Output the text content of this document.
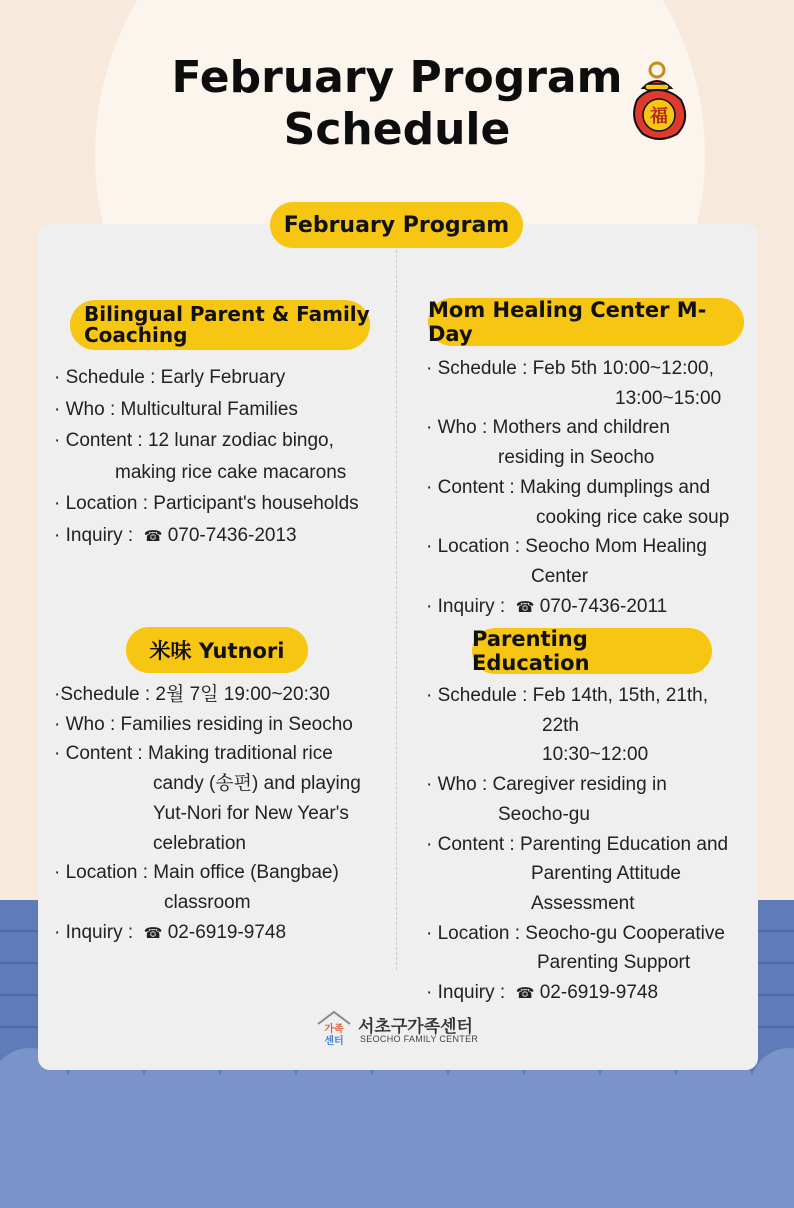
February Program
Schedule	福
February Program
Bilingual Parent & Family
Coaching
· Schedule : Early February
· Who : Multicultural Families
· Content : 12 lunar zodiac bingo,
making rice cake macarons
· Location : Participant's households
· Inquiry : ☎ 070-7436-2013
米味 Yutnori
·Schedule : 2월 7일 19:00~20:30
· Who : Families residing in Seocho
· Content : Making traditional rice
candy (송편) and playing
Yut-Nori for New Year's
celebration
· Location : Main office (Bangbae)
classroom
· Inquiry : ☎ 02-6919-9748
Mom Healing Center M-Day
· Schedule : Feb 5th 10:00~12:00,
13:00~15:00
· Who : Mothers and children
residing in Seocho
· Content : Making dumplings and
cooking rice cake soup
· Location : Seocho Mom Healing
Center
· Inquiry : ☎ 070-7436-2011
Parenting Education
· Schedule : Feb 14th, 15th, 21th,
22th
10:30~12:00
· Who : Caregiver residing in
Seocho-gu
· Content : Parenting Education and
Parenting Attitude
Assessment
· Location : Seocho-gu Cooperative
Parenting Support
· Inquiry : ☎ 02-6919-9748
가족
센터
서초구가족센터
SEOCHO FAMILY CENTER
